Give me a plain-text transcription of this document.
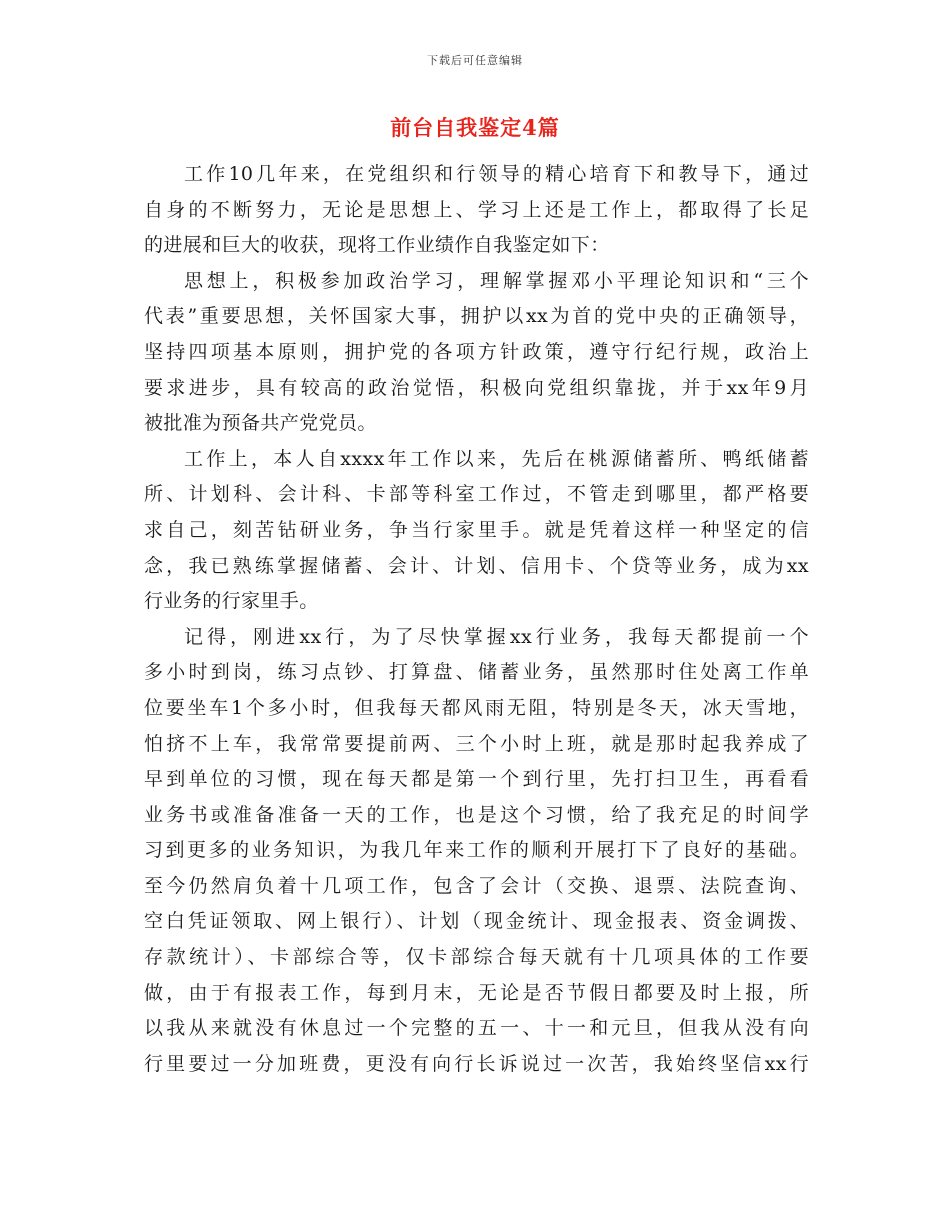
下载后可任意编辑
前台自我鉴定4篇
工作10几年来，在党组织和行领导的精心培育下和教导下，通过
自身的不断努力，无论是思想上、学习上还是工作上，都取得了长足
的进展和巨大的收获，现将工作业绩作自我鉴定如下：
思想上，积极参加政治学习，理解掌握邓小平理论知识和“三个
代表”重要思想，关怀国家大事，拥护以xx为首的党中央的正确领导，
坚持四项基本原则，拥护党的各项方针政策，遵守行纪行规，政治上
要求进步，具有较高的政治觉悟，积极向党组织靠拢，并于xx年9月
被批准为预备共产党党员。
工作上，本人自xxxx年工作以来，先后在桃源储蓄所、鸭纸储蓄
所、计划科、会计科、卡部等科室工作过，不管走到哪里，都严格要
求自己，刻苦钻研业务，争当行家里手。就是凭着这样一种坚定的信
念，我已熟练掌握储蓄、会计、计划、信用卡、个贷等业务，成为xx
行业务的行家里手。
记得，刚进xx行，为了尽快掌握xx行业务，我每天都提前一个
多小时到岗，练习点钞、打算盘、储蓄业务，虽然那时住处离工作单
位要坐车1个多小时，但我每天都风雨无阻，特别是冬天，冰天雪地，
怕挤不上车，我常常要提前两、三个小时上班，就是那时起我养成了
早到单位的习惯，现在每天都是第一个到行里，先打扫卫生，再看看
业务书或准备准备一天的工作，也是这个习惯，给了我充足的时间学
习到更多的业务知识，为我几年来工作的顺利开展打下了良好的基础。
至今仍然肩负着十几项工作，包含了会计（交换、退票、法院查询、
空白凭证领取、网上银行）、计划（现金统计、现金报表、资金调拨、
存款统计）、卡部综合等，仅卡部综合每天就有十几项具体的工作要
做，由于有报表工作，每到月末，无论是否节假日都要及时上报，所
以我从来就没有休息过一个完整的五一、十一和元旦，但我从没有向
行里要过一分加班费，更没有向行长诉说过一次苦，我始终坚信xx行
